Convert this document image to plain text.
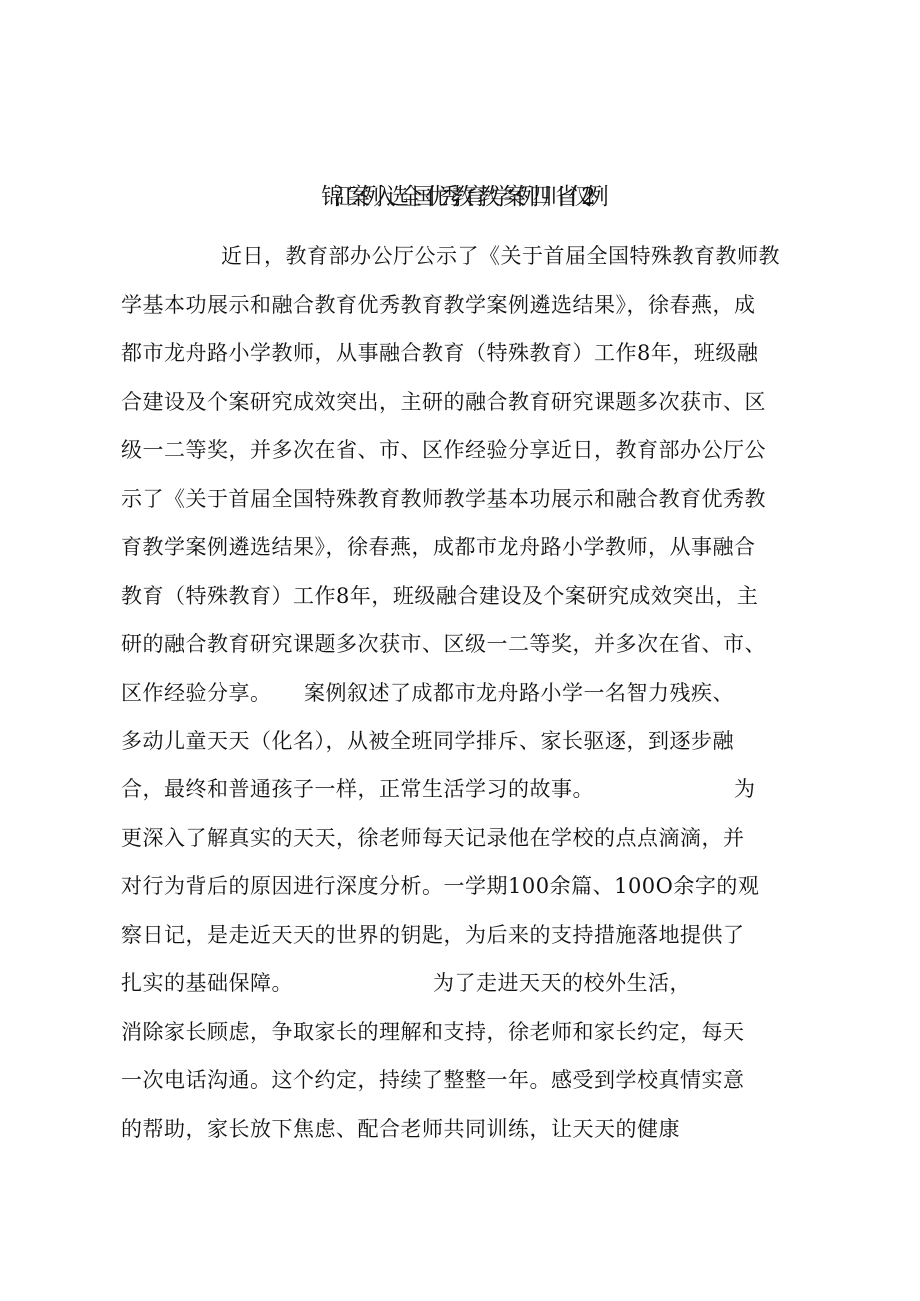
锦江案例入选全国优秀教育教学案例四川省仅2例
近日，教育部办公厅公示了《关于首届全国特殊教育教师教
学基本功展示和融合教育优秀教育教学案例遴选结果》，徐春燕，成
都市龙舟路小学教师，从事融合教育（特殊教育）工作8年，班级融
合建设及个案研究成效突出，主研的融合教育研究课题多次获市、区
级一二等奖，并多次在省、市、区作经验分享近日，教育部办公厅公
示了《关于首届全国特殊教育教师教学基本功展示和融合教育优秀教
育教学案例遴选结果》，徐春燕，成都市龙舟路小学教师，从事融合
教育（特殊教育）工作8年，班级融合建设及个案研究成效突出，主
研的融合教育研究课题多次获市、区级一二等奖，并多次在省、市、
区作经验分享。　　案例叙述了成都市龙舟路小学一名智力残疾、
多动儿童天天（化名），从被全班同学排斥、家长驱逐，到逐步融
合，最终和普通孩子一样，正常生活学习的故事。　　　　　　　为
更深入了解真实的天天，徐老师每天记录他在学校的点点滴滴，并
对行为背后的原因进行深度分析。一学期100余篇、100O余字的观
察日记，是走近天天的世界的钥匙，为后来的支持措施落地提供了
扎实的基础保障。　　　　　　　为了走进天天的校外生活，
消除家长顾虑，争取家长的理解和支持，徐老师和家长约定，每天
一次电话沟通。这个约定，持续了整整一年。感受到学校真情实意
的帮助，家长放下焦虑、配合老师共同训练，让天天的健康
